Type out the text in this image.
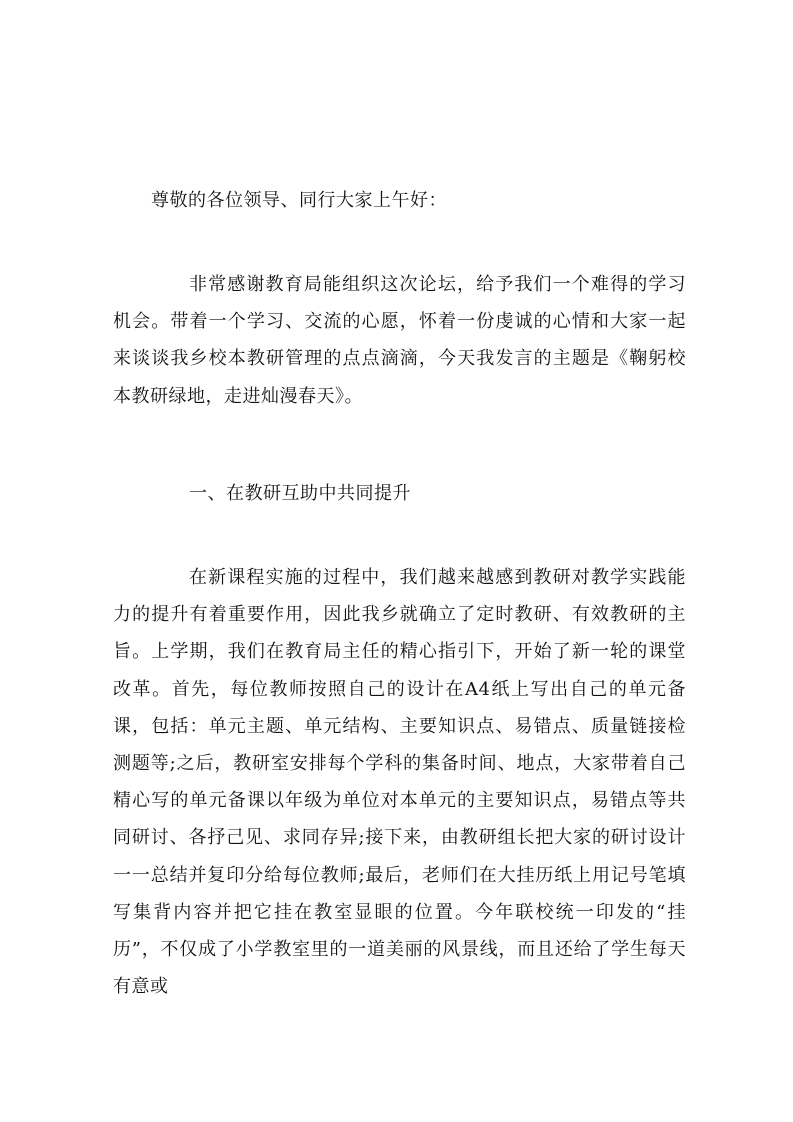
尊敬的各位领导、同行大家上午好：

非常感谢教育局能组织这次论坛，给予我们一个难得的学习机会。带着一个学习、交流的心愿，怀着一份虔诚的心情和大家一起来谈谈我乡校本教研管理的点点滴滴，今天我发言的主题是《鞠躬校本教研绿地，走进灿漫春天》。

一、在教研互助中共同提升

在新课程实施的过程中，我们越来越感到教研对教学实践能力的提升有着重要作用，因此我乡就确立了定时教研、有效教研的主旨。上学期，我们在教育局主任的精心指引下，开始了新一轮的课堂改革。首先，每位教师按照自己的设计在A4纸上写出自己的单元备课，包括：单元主题、单元结构、主要知识点、易错点、质量链接检测题等;之后，教研室安排每个学科的集备时间、地点，大家带着自己精心写的单元备课以年级为单位对本单元的主要知识点，易错点等共同研讨、各抒己见、求同存异;接下来，由教研组长把大家的研讨设计一一总结并复印分给每位教师;最后，老师们在大挂历纸上用记号笔填写集背内容并把它挂在教室显眼的位置。今年联校统一印发的“挂历”，不仅成了小学教室里的一道美丽的风景线，而且还给了学生每天有意或
